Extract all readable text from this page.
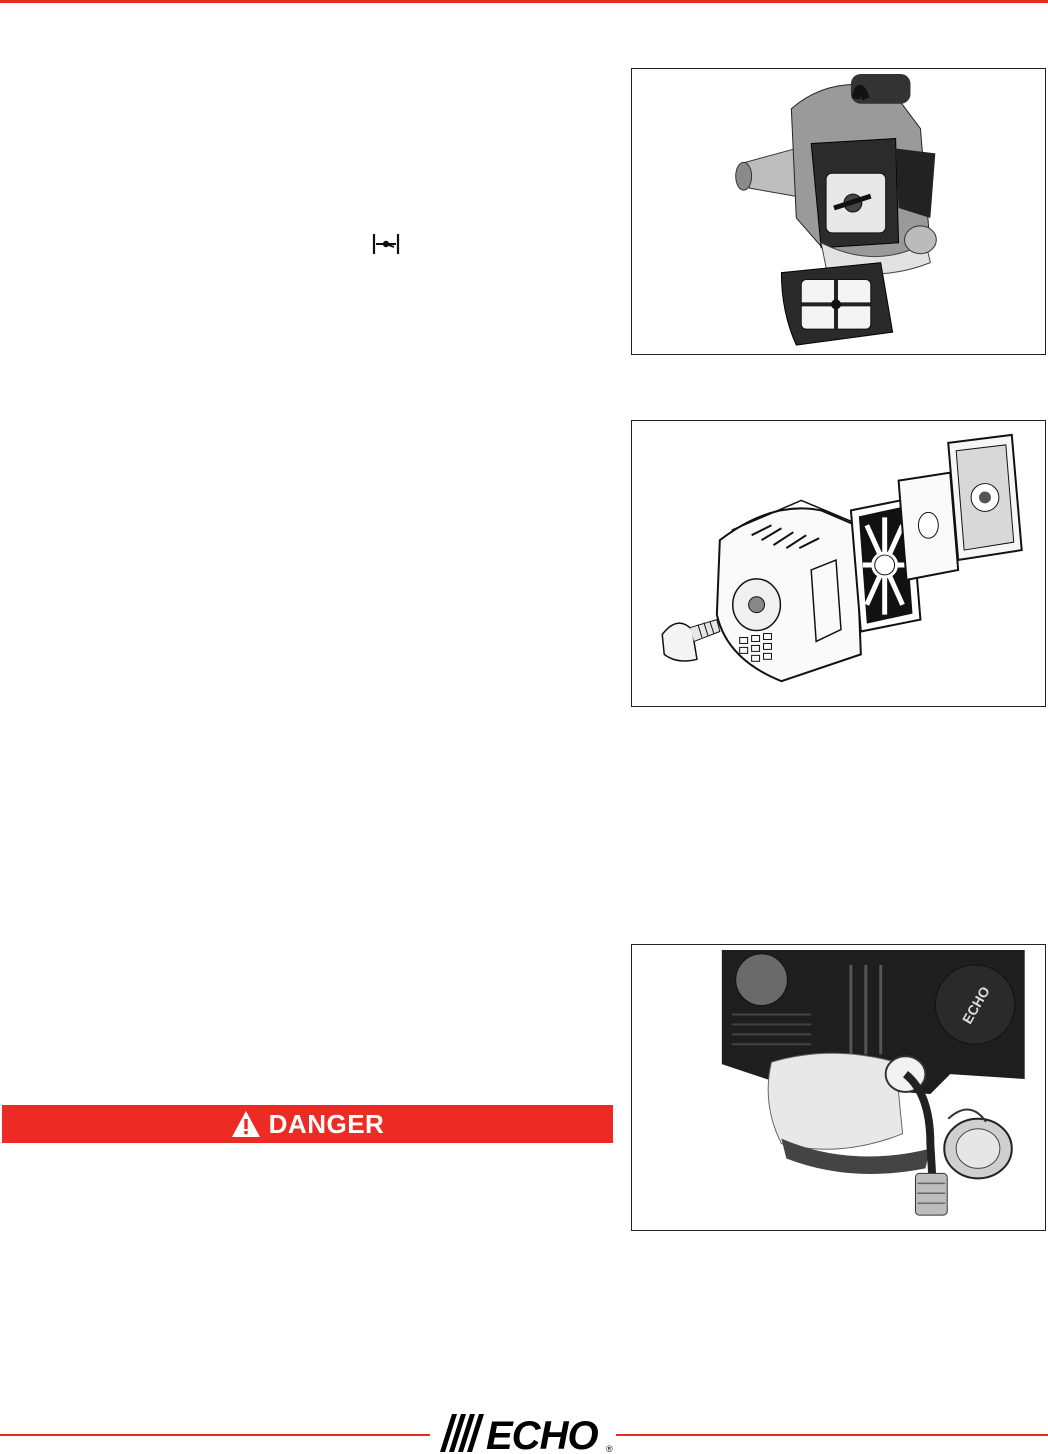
DANGER
ECHO
ECHO ®
